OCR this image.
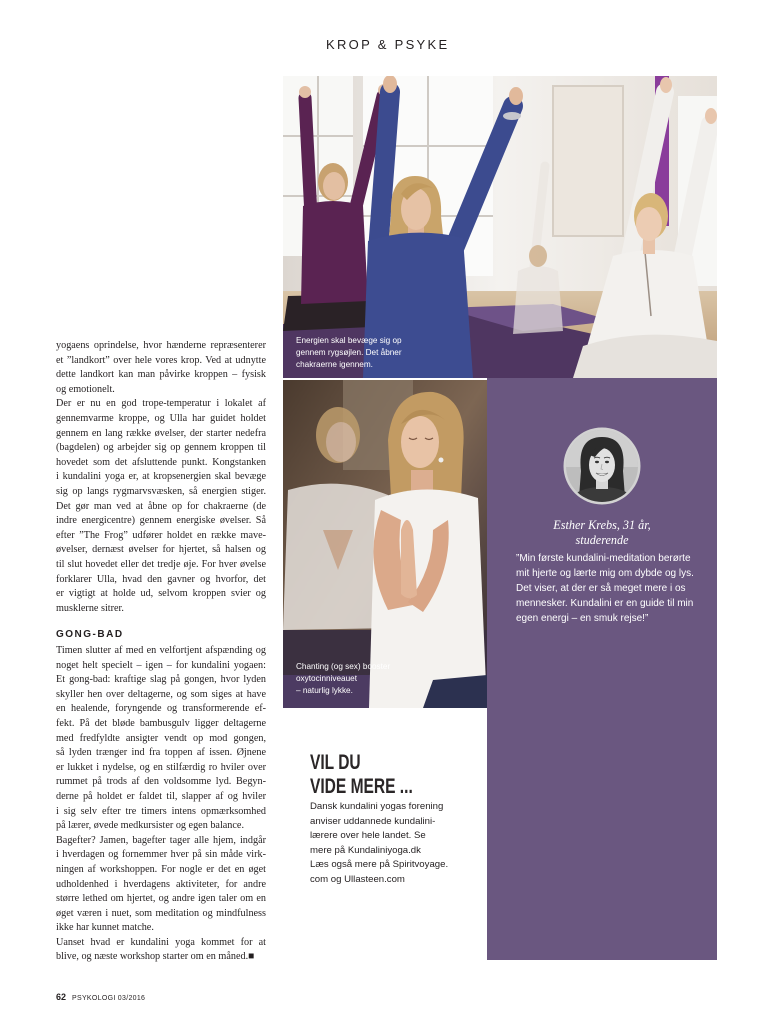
KROP & PSYKE
Energien skal bevæge sig op
gennem rygsøjlen. Det åbner
chakraerne igennem.
Chanting (og sex) booster
oxytocinniveauet
– naturlig lykke.
yogaens oprindelse, hvor hænderne repræsenterer
et ”landkort” over hele vores krop. Ved at udnytte
dette landkort kan man påvirke kroppen – fysisk
og emotionelt.
Der er nu en god trope-temperatur i lokalet af
gennemvarme kroppe, og Ulla har guidet holdet
gennem en lang række øvelser, der starter nedefra
(bagdelen) og arbejder sig op gennem kroppen til
hovedet som det afsluttende punkt. Kongstanken
i kundalini yoga er, at kropsenergien skal bevæge
sig op langs rygmarvsvæsken, så energien stiger.
Det gør man ved at åbne op for chakraerne (de
indre energicentre) gennem energiske øvelser. Så
efter ”The Frog” udfører holdet en række mave-
øvelser, dernæst øvelser for hjertet, så halsen og
til slut hovedet eller det tredje øje. For hver øvelse
forklarer Ulla, hvad den gavner og hvorfor, det
er vigtigt at holde ud, selvom kroppen svier og
musklerne sitrer.
GONG-BAD
Timen slutter af med en velfortjent afspænding og
noget helt specielt – igen – for kundalini yogaen:
Et gong-bad: kraftige slag på gongen, hvor lyden
skyller hen over deltagerne, og som siges at have
en healende, foryngende og transformerende ef-
fekt. På det bløde bambusgulv ligger deltagerne
med fredfyldte ansigter vendt op mod gongen,
så lyden trænger ind fra toppen af issen. Øjnene
er lukket i nydelse, og en stilfærdig ro hviler over
rummet på trods af den voldsomme lyd. Begyn-
derne på holdet er faldet til, slapper af og hviler
i sig selv efter tre timers intens opmærksomhed
på lærer, øvede medkursister og egen balance.
Bagefter? Jamen, bagefter tager alle hjem, indgår
i hverdagen og fornemmer hver på sin måde virk-
ningen af workshoppen. For nogle er det en øget
udholdenhed i hverdagens aktiviteter, for andre
større lethed om hjertet, og andre igen taler om en
øget væren i nuet, som meditation og mindfulness
ikke har kunnet matche.
Uanset hvad er kundalini yoga kommet for at
blive, og næste workshop starter om en måned.■
Esther Krebs, 31 år,
studerende
”Min første kundalini-meditation berørte
mit hjerte og lærte mig om dybde og lys.
Det viser, at der er så meget mere i os
mennesker. Kundalini er en guide til min
egen energi – en smuk rejse!”
VIL DU
VIDE MERE ...
Dansk kundalini yogas forening
anviser uddannede kundalini-
lærere over hele landet. Se
mere på Kundaliniyoga.dk
Læs også mere på Spiritvoyage.
com og Ullasteen.com
62 PSYKOLOGI 03/2016
